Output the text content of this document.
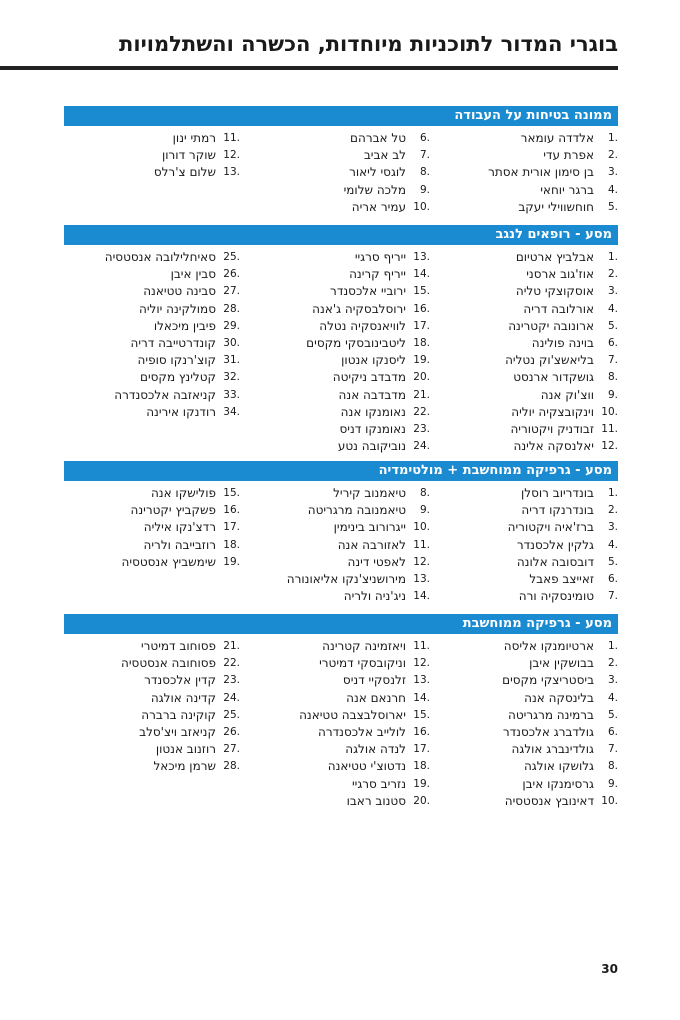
בוגרי המדור לתוכניות מיוחדות, הכשרה והשתלמויות
ממונה בטיחות על העבודה
1.
אלדדה עומאר
2.
אפרת עדי
3.
בן סימון אורית אסתר
4.
ברגר יוחאי
5.
חוחשווילי יעקב
6.
טל אברהם
7.
לב אביב
8.
לוגסי ליאור
9.
מלכה שלומי
10.
עמיר אריה
11.
רמתי ינון
12.
שוקר דורון
13.
שלום צ'רלס
מסע - רופאים לנגב
1.
אבלביץ ארטיום
2.
אוז'גוב ארסני
3.
אוסקוצקי טליה
4.
אורלובה דריה
5.
ארונובה יקטרינה
6.
בוינה פולינה
7.
בליאשצ'וק נטליה
8.
גושקדור ארנסט
9.
ווצ'וק אנה
10.
וינקובצקיה יוליה
11.
זבודניק ויקטוריה
12.
יאלנסקה אלינה
13.
ייריף סרגיי
14.
ייריף קרינה
15.
ירוביי אלכסנדר
16.
ירוסלבסקיה ג'אנה
17.
לוויאנסקיה נטלה
18.
ליטבינובסקי מקסים
19.
ליסנקו אנטון
20.
מדבדב ניקיטה
21.
מדבדבה אנה
22.
נאומנקו אנה
23.
נאומנקו דניס
24.
נוביקובה נטע
25.
סאיחלילובה אנסטסיה
26.
סבין איבן
27.
סבינה טטיאנה
28.
סמולקינה יוליה
29.
פיבין מיכאלו
30.
קונדרטייבה דריה
31.
קוצ'רנקו סופיה
32.
קטלינץ מקסים
33.
קניאזבה אלכסנדרה
34.
רודנקו אירינה
מסע - גרפיקה ממוחשבת + מולטימדיה
1.
בונדריוב רוסלן
2.
בונדרנקו דריה
3.
ברז'איה ויקטוריה
4.
גלקין אלכסנדר
5.
דובסובה אלונה
6.
זאייצב פאבל
7.
טומינסקיה ורה
8.
טיאמנוב קיריל
9.
טיאמנובה מרגריטה
10.
ייגרורוב בינימין
11.
לאזורבה אנה
12.
לאפטי דינה
13.
מירושניצ'נקו אליאונורה
14.
ניג'ניה ולריה
15.
פולישקו אנה
16.
פשקביץ יקטרינה
17.
רדצ'נקו איליה
18.
רוזבייבה ולריה
19.
שימשביץ אנסטסיה
מסע - גרפיקה ממוחשבת
1.
ארטיומנקו אליסה
2.
בבושקין איבן
3.
ביסטריצקי מקסים
4.
בלינסקה אנה
5.
ברמינה מרגריטה
6.
גולדברג אלכסנדר
7.
גולדינברג אולגה
8.
גלושקו אולגה
9.
גרסימנקו איבן
10.
דאינובץ אנסטסיה
11.
ויאזמינה קטרינה
12.
וניקובסקי דמיטרי
13.
זלנסקיי דניס
14.
חרנאם אנה
15.
יארוסלבצבה טטיאנה
16.
לולייב אלכסנדרה
17.
לנדה אולגה
18.
נדטוצ'י טטיאנה
19.
נזריב סרגיי
20.
סטנוב ראבו
21.
פסוחוב דמיטרי
22.
פסוחובה אנסטסיה
23.
קדין אלכסנדר
24.
קדינה אולגה
25.
קוקינה ברברה
26.
קניאזב ויצ'סלב
27.
רוזנוב אנטון
28.
שרמן מיכאל
30
